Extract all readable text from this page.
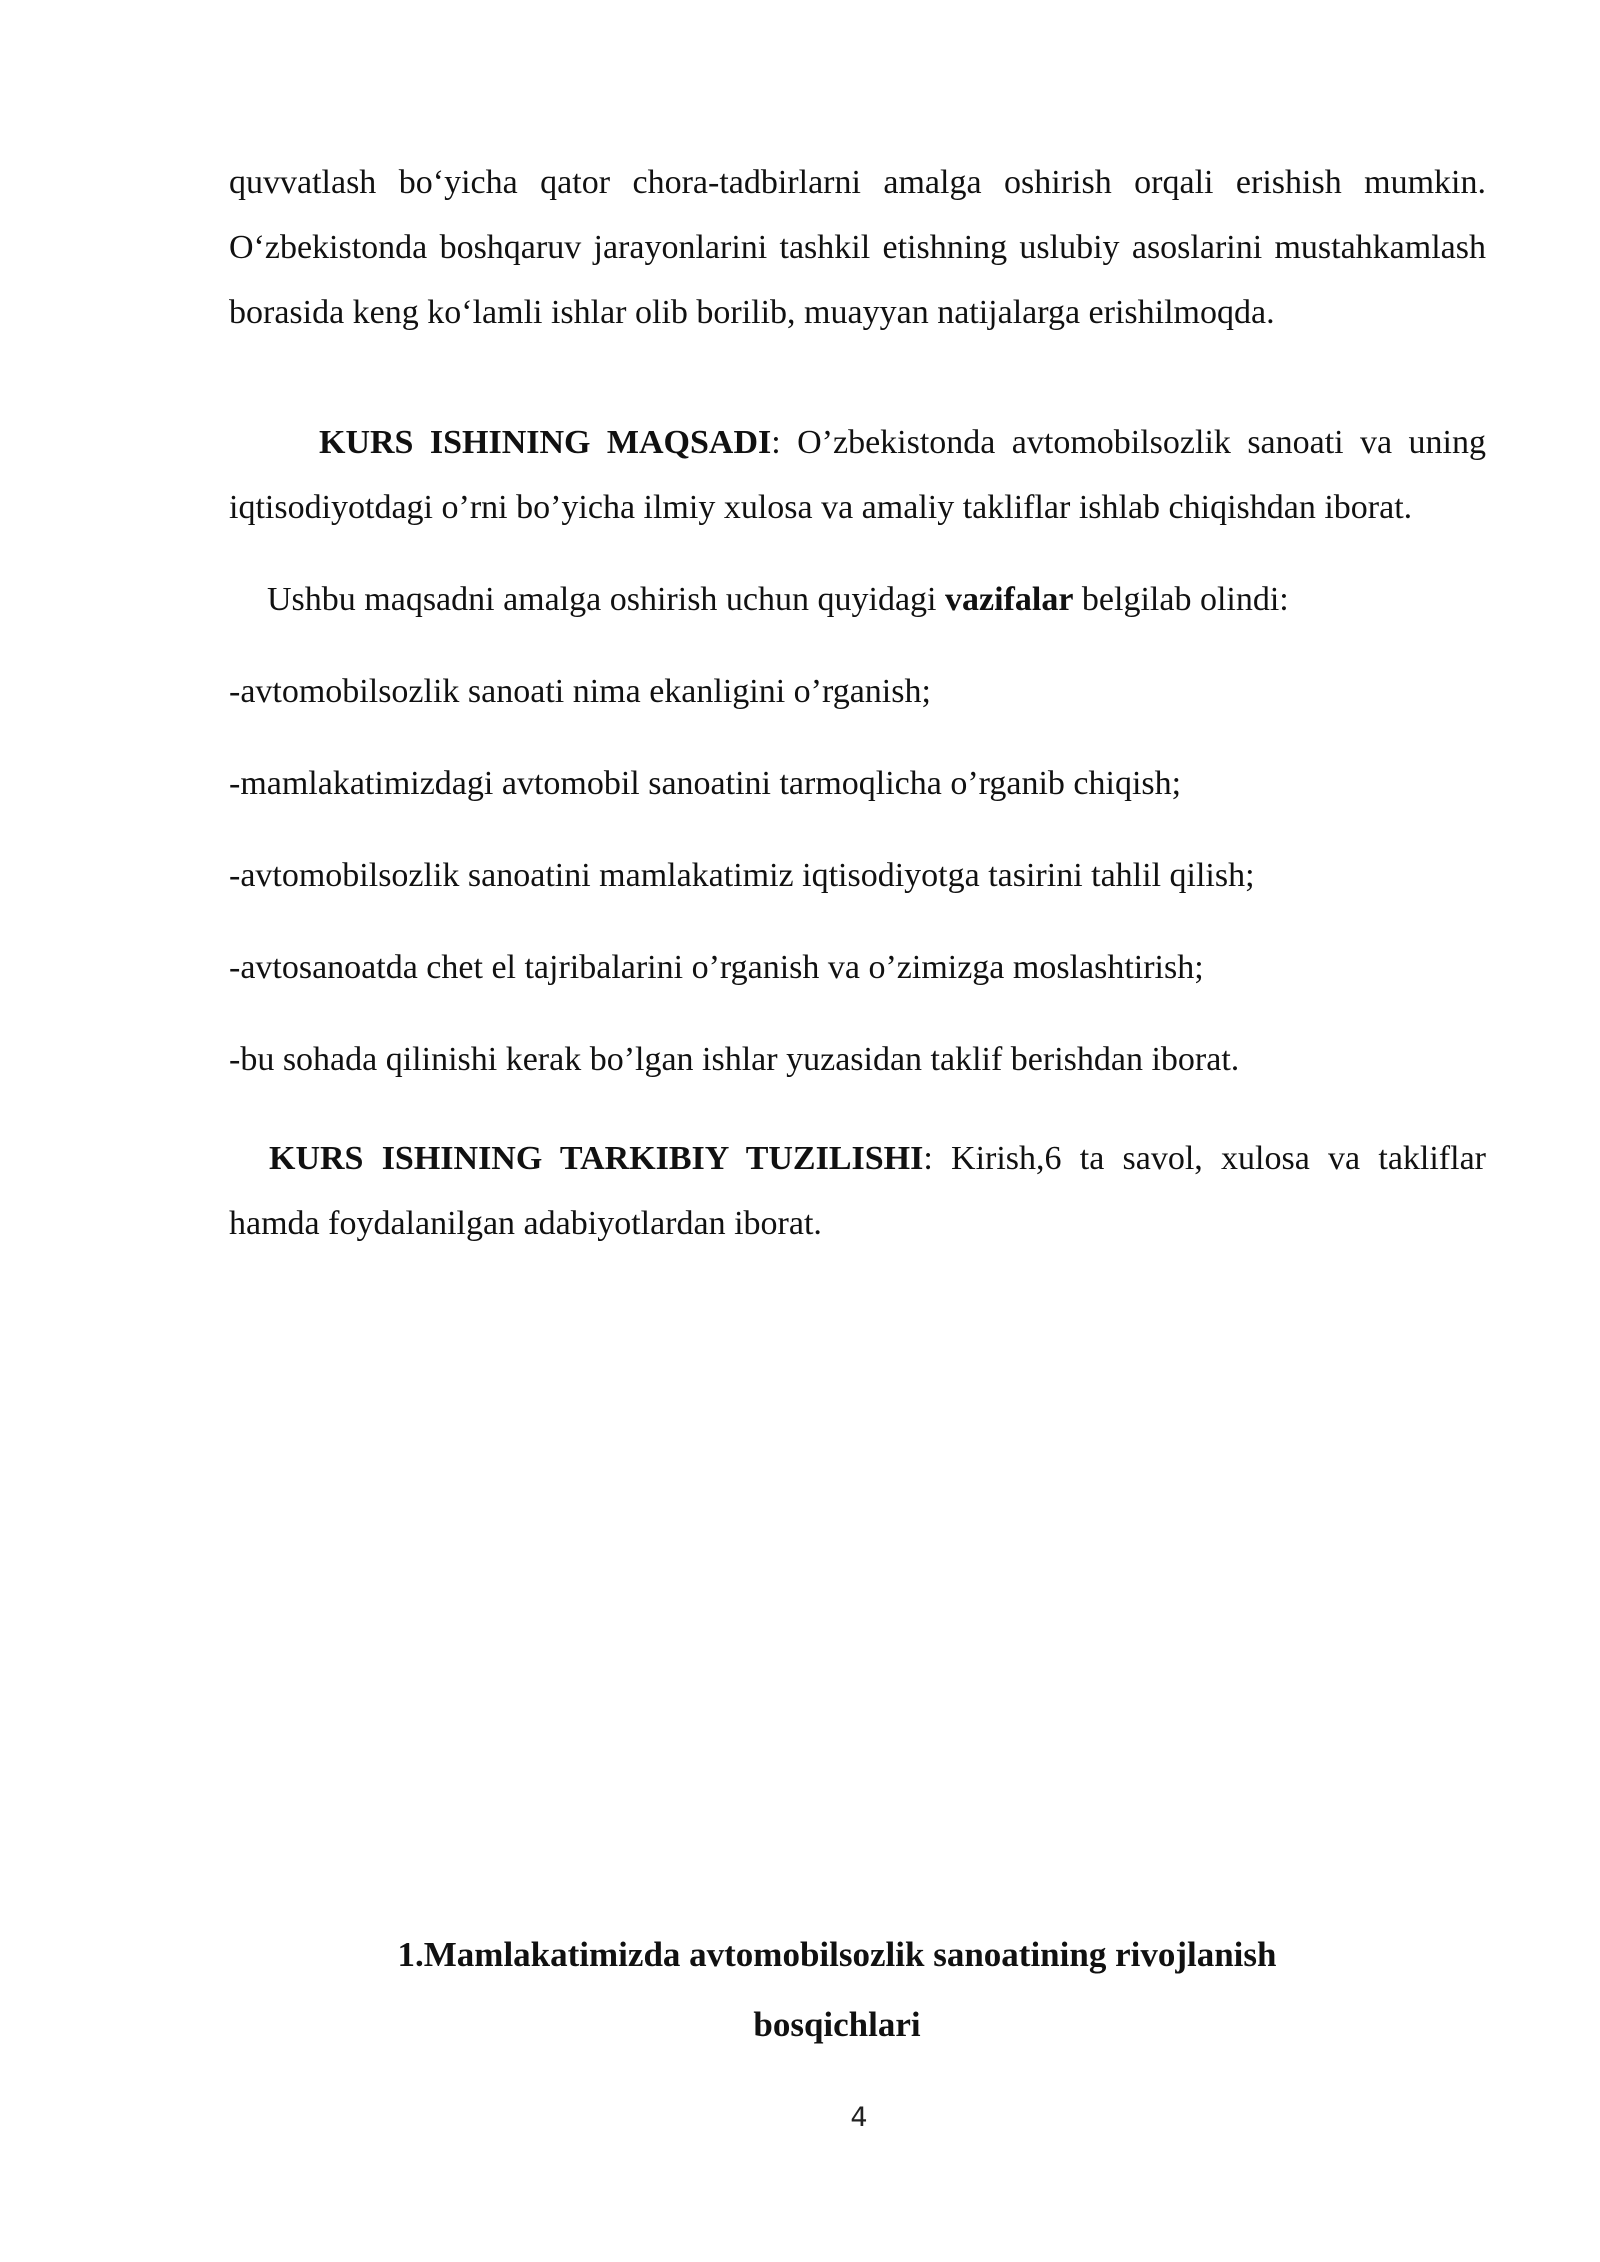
quvvatlash bo‘yicha qator chora-tadbirlarni amalga oshirish orqali erishish mumkin. O‘zbekistonda boshqaruv jarayonlarini tashkil etishning uslubiy asoslarini mustahkamlash borasida keng ko‘lamli ishlar olib borilib, muayyan natijalarga erishilmoqda.

KURS ISHINING MAQSADI: O’zbekistonda avtomobilsozlik sanoati va uning iqtisodiyotdagi o’rni bo’yicha ilmiy xulosa va amaliy takliflar ishlab chiqishdan iborat.

Ushbu maqsadni amalga oshirish uchun quyidagi vazifalar belgilab olindi:

-avtomobilsozlik sanoati nima ekanligini o’rganish;
-mamlakatimizdagi avtomobil sanoatini tarmoqlicha o’rganib chiqish;
-avtomobilsozlik sanoatini mamlakatimiz iqtisodiyotga tasirini tahlil qilish;
-avtosanoatda chet el tajribalarini o’rganish va o’zimizga moslashtirish;
-bu sohada qilinishi kerak bo’lgan ishlar yuzasidan taklif berishdan iborat.

KURS ISHINING TARKIBIY TUZILISHI: Kirish,6 ta savol, xulosa va takliflar hamda foydalanilgan adabiyotlardan iborat.

1.Mamlakatimizda avtomobilsozlik sanoatining rivojlanish
bosqichlari
4
